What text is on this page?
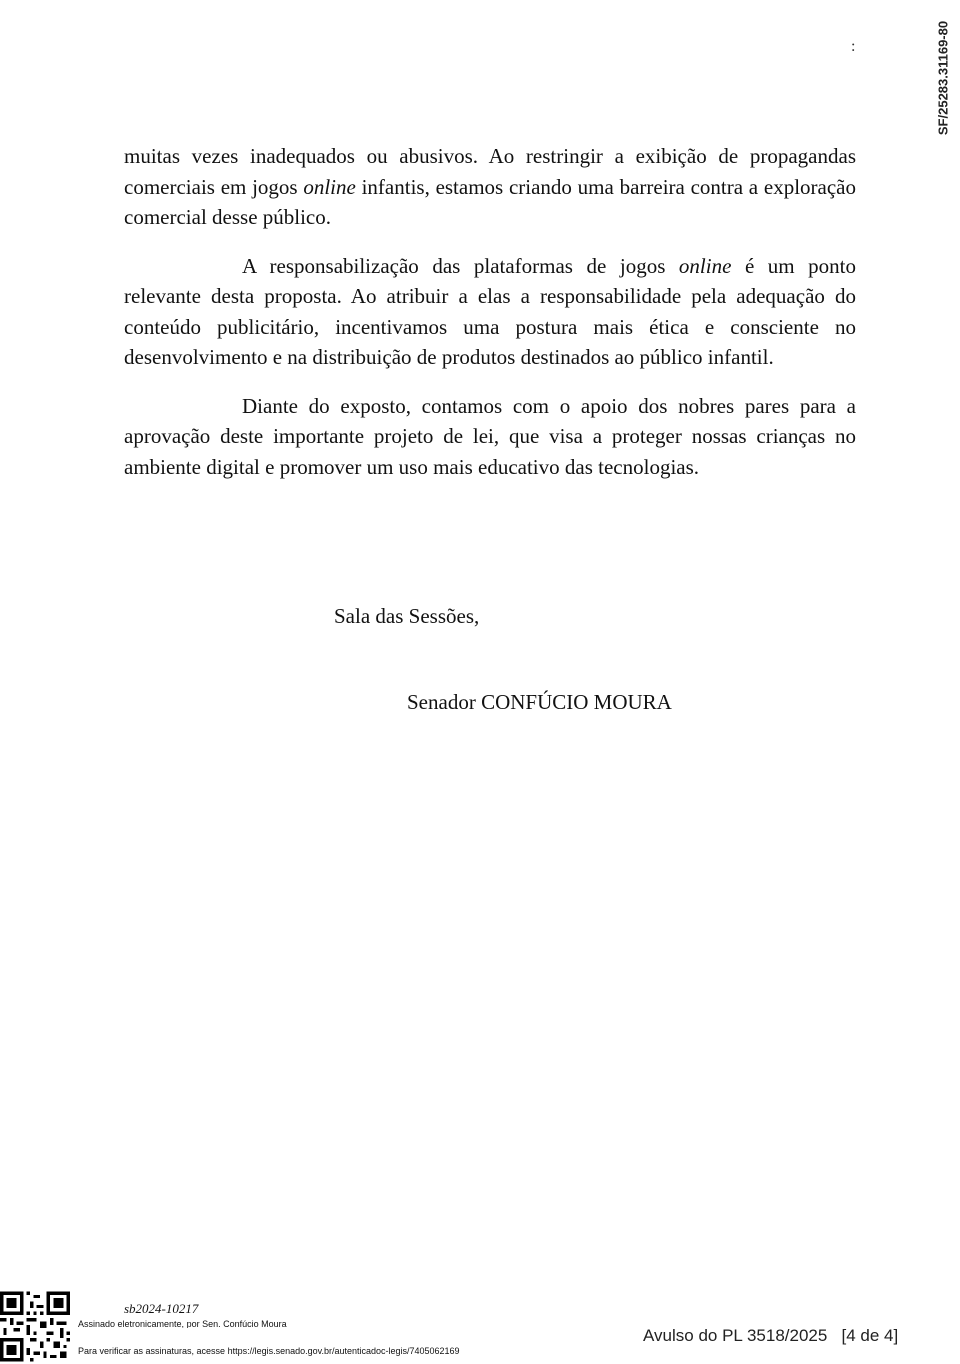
SF/25283.31169-80
:

muitas vezes inadequados ou abusivos. Ao restringir a exibição de propagandas comerciais em jogos online infantis, estamos criando uma barreira contra a exploração comercial desse público.

A responsabilização das plataformas de jogos online é um ponto relevante desta proposta. Ao atribuir a elas a responsabilidade pela adequação do conteúdo publicitário, incentivamos uma postura mais ética e consciente no desenvolvimento e na distribuição de produtos destinados ao público infantil.

Diante do exposto, contamos com o apoio dos nobres pares para a aprovação deste importante projeto de lei, que visa a proteger nossas crianças no ambiente digital e promover um uso mais educativo das tecnologias.

Sala das Sessões,
Senador CONFÚCIO MOURA
sb2024-10217
Assinado eletronicamente, por Sen. Confúcio Moura
Para verificar as assinaturas, acesse https://legis.senado.gov.br/autenticadoc-legis/7405062169
Avulso do PL 3518/2025   [4 de 4]
